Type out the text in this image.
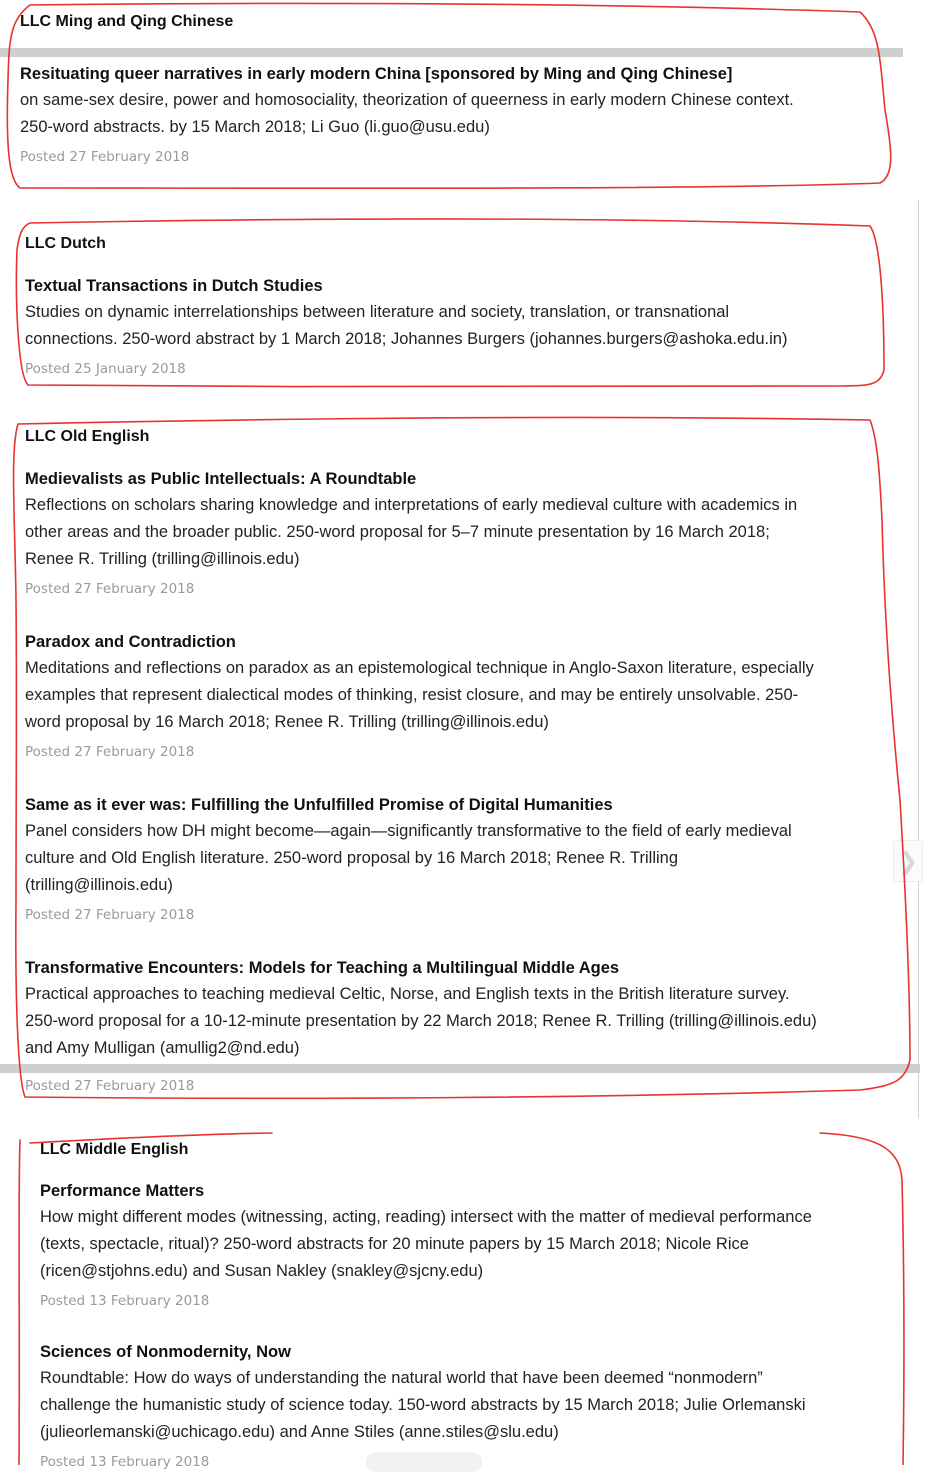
LLC Ming and Qing Chinese
Resituating queer narratives in early modern China [sponsored by Ming and Qing Chinese]
on same-sex desire, power and homosociality, theorization of queerness in early modern Chinese context.
250-word abstracts. by 15 March 2018; Li Guo (li.guo@usu.edu)
Posted 27 February 2018
LLC Dutch
Textual Transactions in Dutch Studies
Studies on dynamic interrelationships between literature and society, translation, or transnational
connections. 250-word abstract by 1 March 2018; Johannes Burgers (johannes.burgers@ashoka.edu.in)
Posted 25 January 2018
LLC Old English
Medievalists as Public Intellectuals: A Roundtable
Reflections on scholars sharing knowledge and interpretations of early medieval culture with academics in
other areas and the broader public. 250-word proposal for 5–7 minute presentation by 16 March 2018;
Renee R. Trilling (trilling@illinois.edu)
Posted 27 February 2018
Paradox and Contradiction
Meditations and reflections on paradox as an epistemological technique in Anglo-Saxon literature, especially
examples that represent dialectical modes of thinking, resist closure, and may be entirely unsolvable. 250-
word proposal by 16 March 2018; Renee R. Trilling (trilling@illinois.edu)
Posted 27 February 2018
Same as it ever was: Fulfilling the Unfulfilled Promise of Digital Humanities
Panel considers how DH might become—again—significantly transformative to the field of early medieval
culture and Old English literature. 250-word proposal by 16 March 2018; Renee R. Trilling
(trilling@illinois.edu)
Posted 27 February 2018
Transformative Encounters: Models for Teaching a Multilingual Middle Ages
Practical approaches to teaching medieval Celtic, Norse, and English texts in the British literature survey.
250-word proposal for a 10-12-minute presentation by 22 March 2018; Renee R. Trilling (trilling@illinois.edu)
and Amy Mulligan (amullig2@nd.edu)
Posted 27 February 2018
LLC Middle English
Performance Matters
How might different modes (witnessing, acting, reading) intersect with the matter of medieval performance
(texts, spectacle, ritual)? 250-word abstracts for 20 minute papers by 15 March 2018; Nicole Rice
(ricen@stjohns.edu) and Susan Nakley (snakley@sjcny.edu)
Posted 13 February 2018
Sciences of Nonmodernity, Now
Roundtable: How do ways of understanding the natural world that have been deemed “nonmodern”
challenge the humanistic study of science today. 150-word abstracts by 15 March 2018; Julie Orlemanski
(julieorlemanski@uchicago.edu) and Anne Stiles (anne.stiles@slu.edu)
Posted 13 February 2018
❯
